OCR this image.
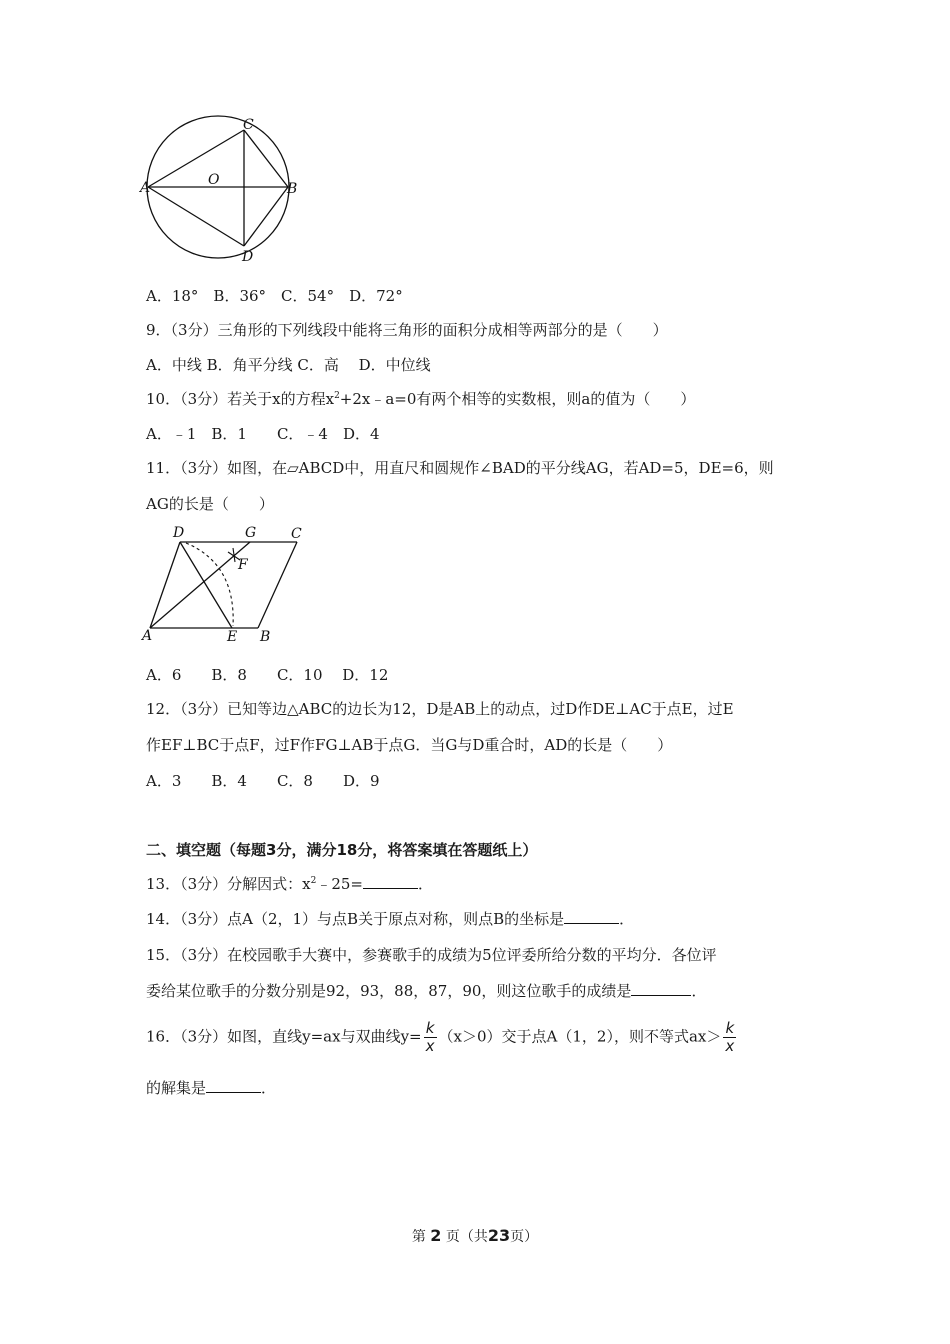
A	B
C
D
O
A．18°　B．36°　C．54°　D．72°
9．（3分）三角形的下列线段中能将三角形的面积分成相等两部分的是（　　）
A．中线 B．角平分线 C．高　 D．中位线
10．（3分）若关于x的方程$x^2+2x﹣a=0$有两个相等的实数根，则a的值为（　　）
A．﹣1　B．1　　C．﹣4　D．4
11．（3分）如图，在▱ABCD中，用直尺和圆规作∠BAD的平分线AG，若AD=5，DE=6，则
AG的长是（　　）
D	G C
F
A	E B
A．6　　B．8　　C．10　 D．12
12．（3分）已知等边△ABC的边长为12，D是AB上的动点，过D作DE⊥AC于点E，过E
作EF⊥BC于点F，过F作FG⊥AB于点G．当G与D重合时，AD的长是（　　）
A．3　　B．4　　C．8　　D．9
二、填空题（每题3分，满分18分，将答案填在答题纸上）
13．（3分）分解因式：$x^2﹣25=$	．
14．（3分）点A（2，1）与点B关于原点对称，则点B的坐标是	．
15．（3分）在校园歌手大赛中，参赛歌手的成绩为5位评委所给分数的平均分．各位评
委给某位歌手的分数分别是92，93，88，87，90，则这位歌手的成绩是	．
16．（3分）如图，直线y=ax与双曲线$y= \frac{k}{x} (x>0)$交于点A（1，2），则不等式$ax> \frac{k}{x}$
的解集是	．
第 2 页（共23页）
